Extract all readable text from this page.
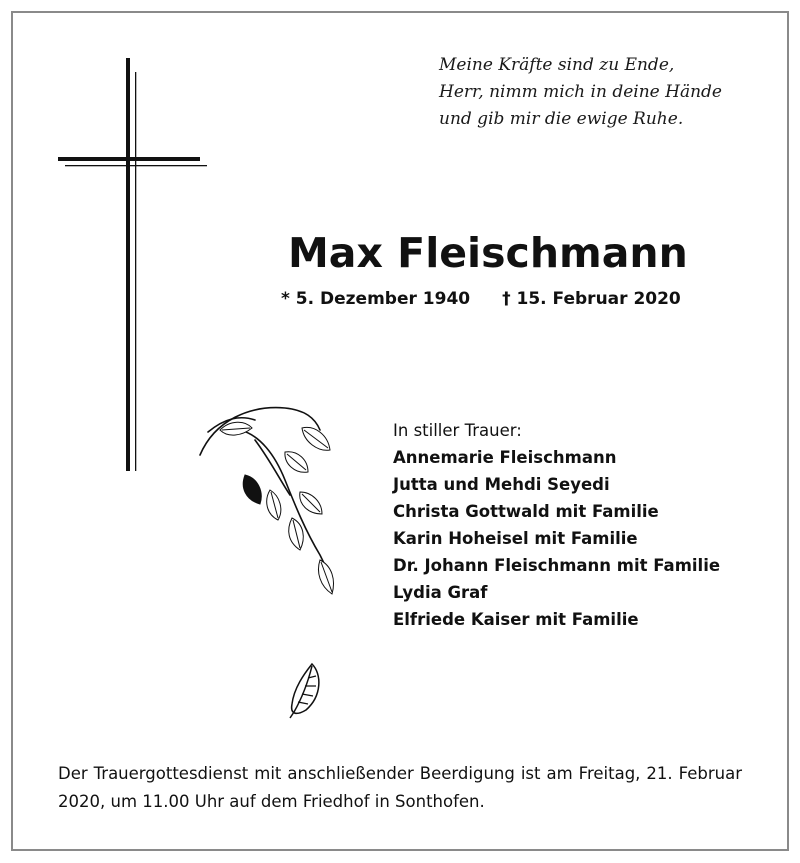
Meine Kräfte sind zu Ende,
Herr, nimm mich in deine Hände
und gib mir die ewige Ruhe.
Max Fleischmann
* 5. Dezember 1940 † 15. Februar 2020
In stiller Trauer:
Annemarie Fleischmann
Jutta und Mehdi Seyedi
Christa Gottwald mit Familie
Karin Hoheisel mit Familie
Dr. Johann Fleischmann mit Familie
Lydia Graf
Elfriede Kaiser mit Familie
Der Trauergottesdienst mit anschließender Beerdigung ist am Freitag, 21. Februar 2020, um 11.00 Uhr auf dem Friedhof in Sonthofen.
